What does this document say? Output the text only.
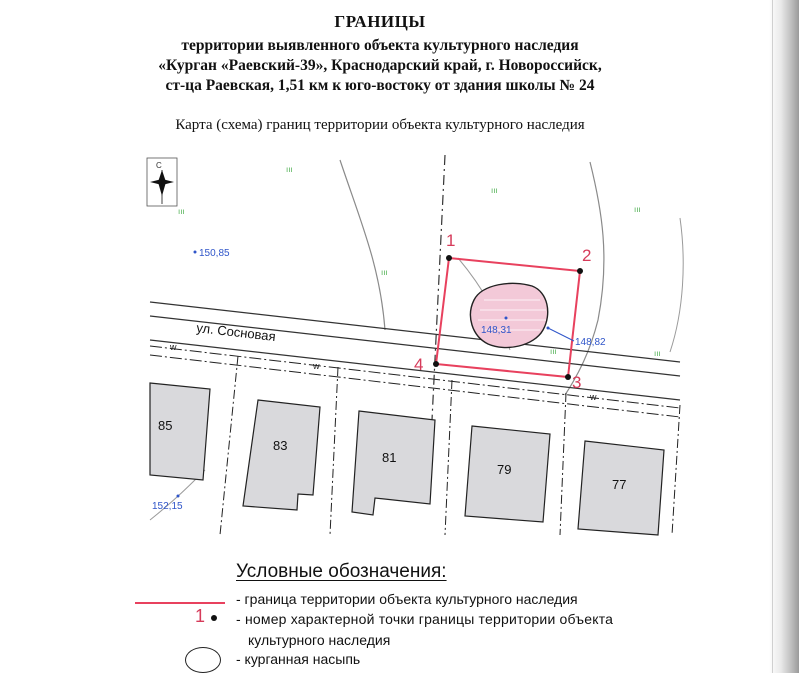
ГРАНИЦЫ
территории выявленного объекта культурного наследия
«Курган «Раевский-39», Краснодарский край, г. Новороссийск,
ст-ца Раевская, 1,51 км к юго-востоку от здания школы № 24
Карта (схема) границ территории объекта культурного наследия
w
w
w
85
83
81
79
77
ул. Сосновая	148,31
1
2
3
4
148,82
150,85
152,15
ııı
ııı
ııı
ııı
ııı
ııı	ııı
С
Условные обозначения:
- граница территории объекта культурного наследия
1 - номер характерной точки границы территории объекта
культурного наследия
- курганная насыпь
